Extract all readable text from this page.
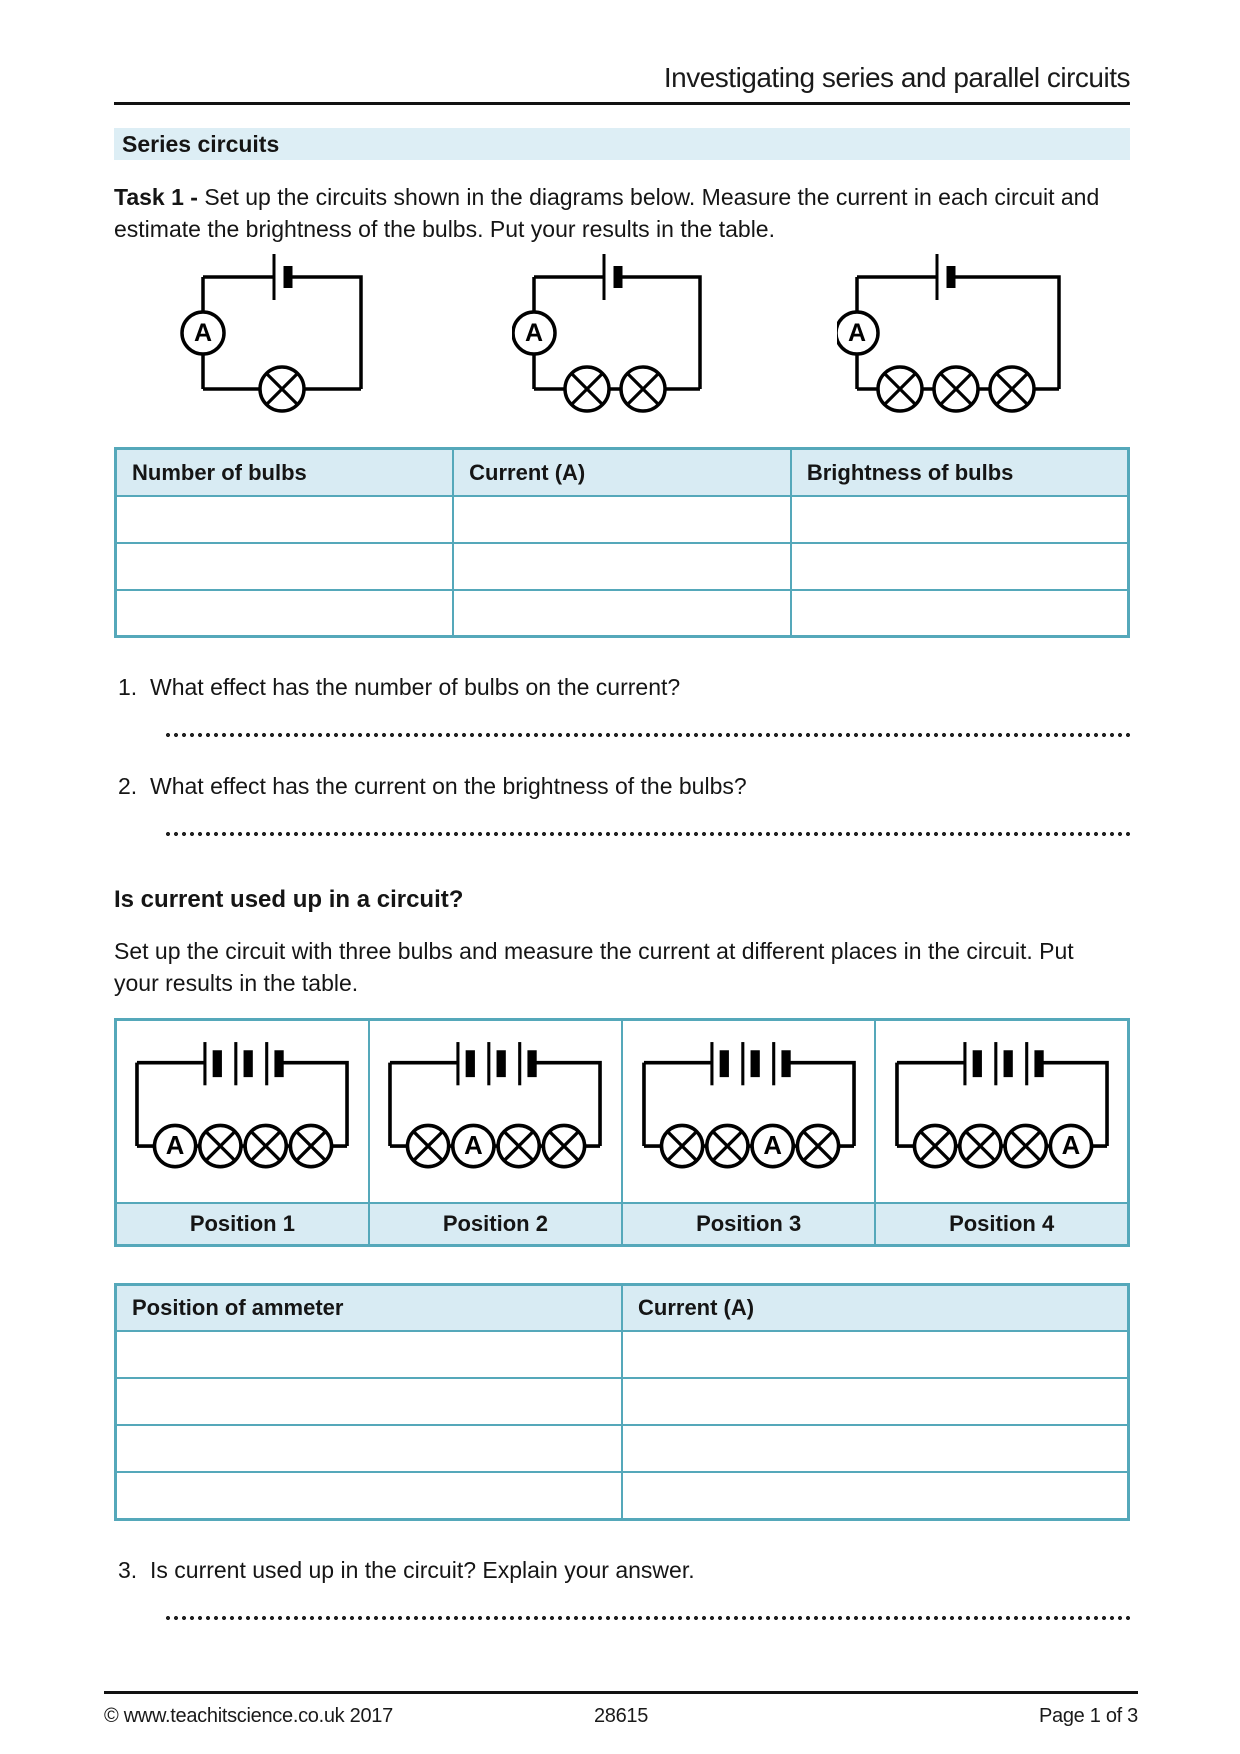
Investigating series and parallel circuits
Series circuits

Task 1 - Set up the circuits shown in the diagrams below. Measure the current in each circuit and estimate the brightness of the bulbs. Put your results in the table.

A	A	A
Number of bulbs	Current (A)	Brightness of bulbs

1. What effect has the number of bulbs on the current?
2. What effect has the current on the brightness of the bulbs?
Is current used up in a circuit?

Set up the circuit with three bulbs and measure the current at different places in the circuit. Put your results in the table.

A	A	A	A

Position 1	Position 2	Position 3	Position 4
Position of ammeter	Current (A)

3. Is current used up in the circuit? Explain your answer.
© www.teachitscience.co.uk 2017	28615	Page 1 of 3
